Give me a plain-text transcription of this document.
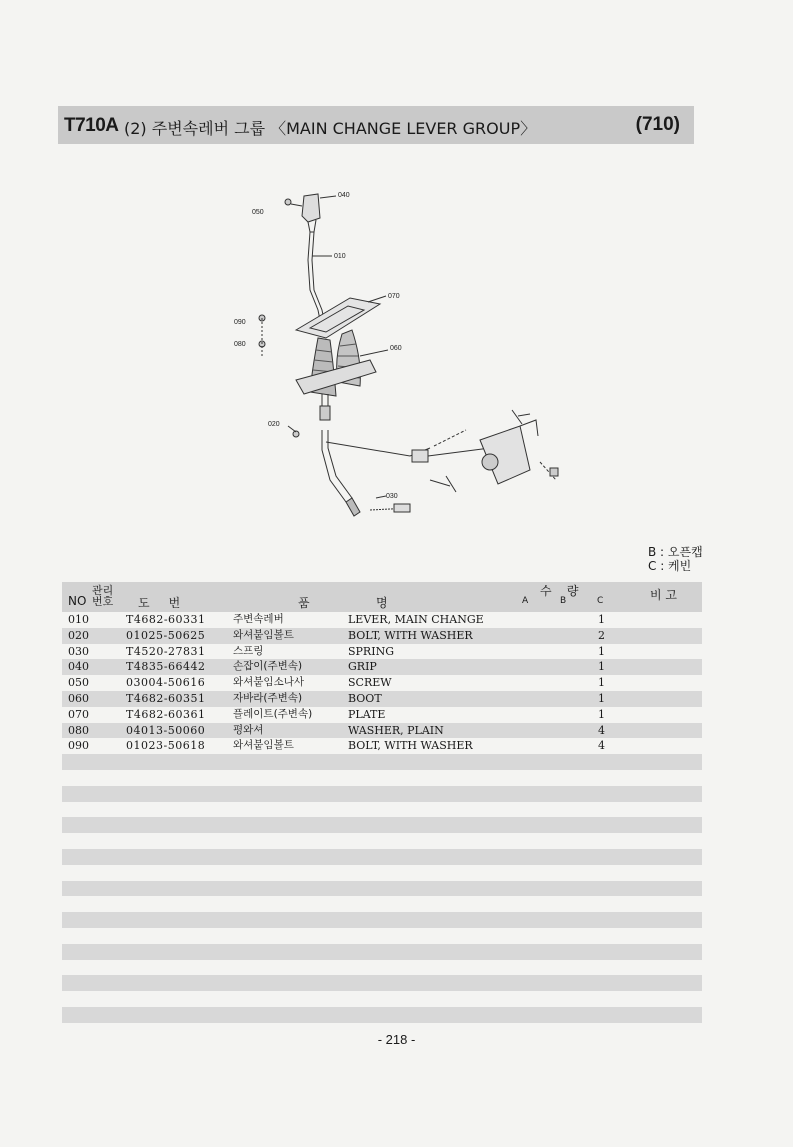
T710A (2) 주변속레버 그룹 〈MAIN CHANGE LEVER GROUP〉	(710)
040
050
010
070
090
080
060
020
030
B : 오픈캡
C : 케빈
NO
관리
번호 도     번	품	명
수    량
A	B	C	비 고
010	T4682-60331	주변속레버	LEVER, MAIN CHANGE	1
020	01025-50625	와셔붙임볼트	BOLT, WITH WASHER	2
030	T4520-27831	스프링	SPRING	1
040	T4835-66442	손잡이(주변속)	GRIP	1
050	03004-50616	와셔붙임소나사	SCREW	1
060	T4682-60351	자바라(주변속)	BOOT	1
070	T4682-60361	플레이트(주변속)	PLATE	1
080	04013-50060	평와셔	WASHER, PLAIN	4
090	01023-50618	와셔붙임볼트	BOLT, WITH WASHER	4
- 218 -
